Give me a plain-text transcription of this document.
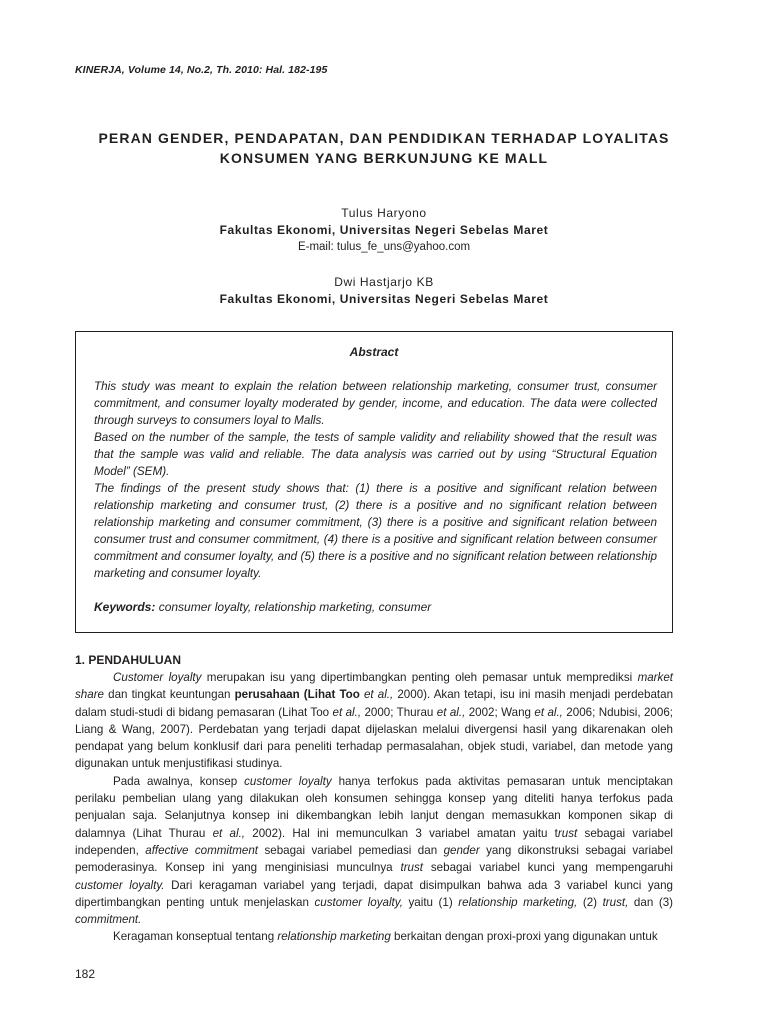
KINERJA, Volume 14, No.2, Th. 2010: Hal. 182-195
PERAN GENDER, PENDAPATAN, DAN PENDIDIKAN TERHADAP LOYALITAS
KONSUMEN YANG BERKUNJUNG KE MALL
Tulus Haryono
Fakultas Ekonomi, Universitas Negeri Sebelas Maret
E-mail: tulus_fe_uns@yahoo.com
Dwi Hastjarjo KB
Fakultas Ekonomi, Universitas Negeri Sebelas Maret
Abstract

This study was meant to explain the relation between relationship marketing, consumer trust, consumer commitment, and consumer loyalty moderated by gender, income, and education. The data were collected through surveys to consumers loyal to Malls.

Based on the number of the sample, the tests of sample validity and reliability showed that the result was that the sample was valid and reliable. The data analysis was carried out by using “Structural Equation Model” (SEM).

The findings of the present study shows that: (1) there is a positive and significant relation between relationship marketing and consumer trust, (2) there is a positive and no significant relation between relationship marketing and consumer commitment, (3) there is a positive and significant relation between consumer trust and consumer commitment, (4) there is a positive and significant relation between consumer commitment and consumer loyalty, and (5) there is a positive and no significant relation between relationship marketing and consumer loyalty.

Keywords: consumer loyalty, relationship marketing, consumer
1. PENDAHULUAN

Customer loyalty merupakan isu yang dipertimbangkan penting oleh pemasar untuk memprediksi market share dan tingkat keuntungan perusahaan (Lihat Too et al., 2000). Akan tetapi, isu ini masih menjadi perdebatan dalam studi-studi di bidang pemasaran (Lihat Too et al., 2000; Thurau et al., 2002; Wang et al., 2006; Ndubisi, 2006; Liang & Wang, 2007). Perdebatan yang terjadi dapat dijelaskan melalui divergensi hasil yang dikarenakan oleh pendapat yang belum konklusif dari para peneliti terhadap permasalahan, objek studi, variabel, dan metode yang digunakan untuk menjustifikasi studinya.

Pada awalnya, konsep customer loyalty hanya terfokus pada aktivitas pemasaran untuk menciptakan perilaku pembelian ulang yang dilakukan oleh konsumen sehingga konsep yang diteliti hanya terfokus pada penjualan saja. Selanjutnya konsep ini dikembangkan lebih lanjut dengan memasukkan komponen sikap di dalamnya (Lihat Thurau et al., 2002). Hal ini memunculkan 3 variabel amatan yaitu trust sebagai variabel independen, affective commitment sebagai variabel pemediasi dan gender yang dikonstruksi sebagai variabel pemoderasinya. Konsep ini yang menginisiasi munculnya trust sebagai variabel kunci yang mempengaruhi customer loyalty. Dari keragaman variabel yang terjadi, dapat disimpulkan bahwa ada 3 variabel kunci yang dipertimbangkan penting untuk menjelaskan customer loyalty, yaitu (1) relationship marketing, (2) trust, dan (3) commitment.

Keragaman konseptual tentang relationship marketing berkaitan dengan proxi-proxi yang digunakan untuk

182
